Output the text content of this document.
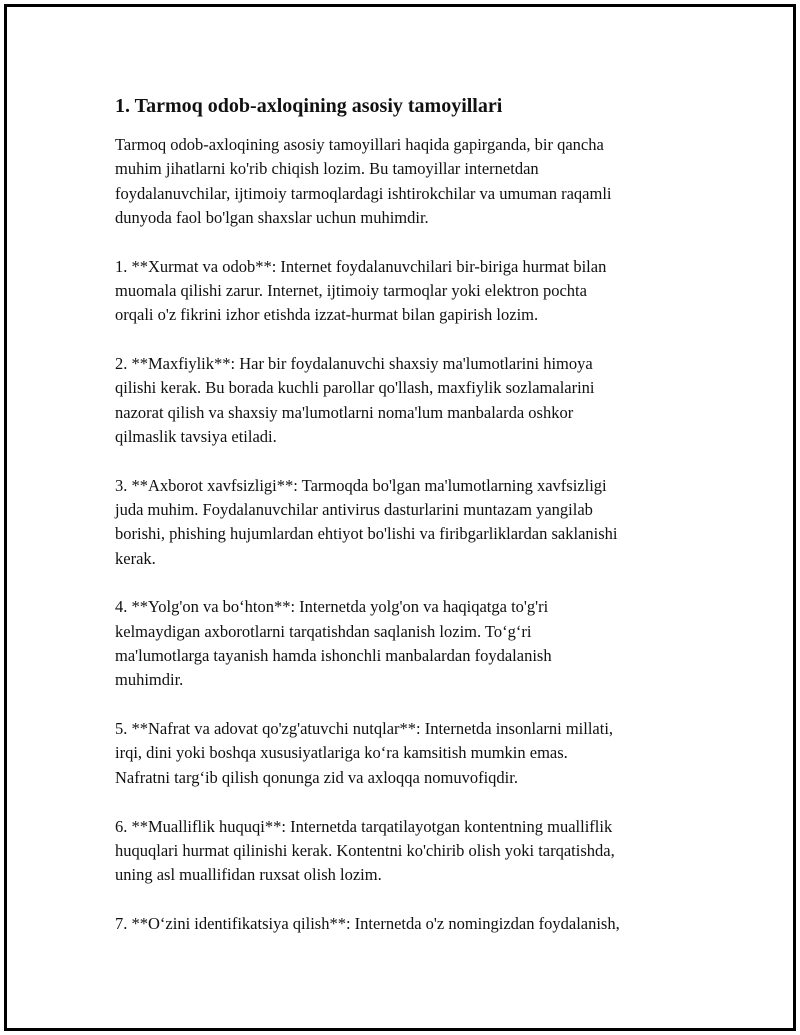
1. Tarmoq odob-axloqining asosiy tamoyillari
Tarmoq odob-axloqining asosiy tamoyillari haqida gapirganda, bir qancha
muhim jihatlarni ko'rib chiqish lozim. Bu tamoyillar internetdan
foydalanuvchilar, ijtimoiy tarmoqlardagi ishtirokchilar va umuman raqamli
dunyoda faol bo'lgan shaxslar uchun muhimdir.
1. **Xurmat va odob**: Internet foydalanuvchilari bir-biriga hurmat bilan
muomala qilishi zarur. Internet, ijtimoiy tarmoqlar yoki elektron pochta
orqali o'z fikrini izhor etishda izzat-hurmat bilan gapirish lozim.
2. **Maxfiylik**: Har bir foydalanuvchi shaxsiy ma'lumotlarini himoya
qilishi kerak. Bu borada kuchli parollar qo'llash, maxfiylik sozlamalarini
nazorat qilish va shaxsiy ma'lumotlarni noma'lum manbalarda oshkor
qilmaslik tavsiya etiladi.
3. **Axborot xavfsizligi**: Tarmoqda bo'lgan ma'lumotlarning xavfsizligi
juda muhim. Foydalanuvchilar antivirus dasturlarini muntazam yangilab
borishi, phishing hujumlardan ehtiyot bo'lishi va firibgarliklardan saklanishi
kerak.
4. **Yolg'on va bo‘hton**: Internetda yolg'on va haqiqatga to'g'ri
kelmaydigan axborotlarni tarqatishdan saqlanish lozim. To‘g‘ri
ma'lumotlarga tayanish hamda ishonchli manbalardan foydalanish
muhimdir.
5. **Nafrat va adovat qo'zg'atuvchi nutqlar**: Internetda insonlarni millati,
irqi, dini yoki boshqa xususiyatlariga ko‘ra kamsitish mumkin emas.
Nafratni targ‘ib qilish qonunga zid va axloqqa nomuvofiqdir.
6. **Mualliflik huquqi**: Internetda tarqatilayotgan kontentning mualliflik
huquqlari hurmat qilinishi kerak. Kontentni ko'chirib olish yoki tarqatishda,
uning asl muallifidan ruxsat olish lozim.
7. **O‘zini identifikatsiya qilish**: Internetda o'z nomingizdan foydalanish,
